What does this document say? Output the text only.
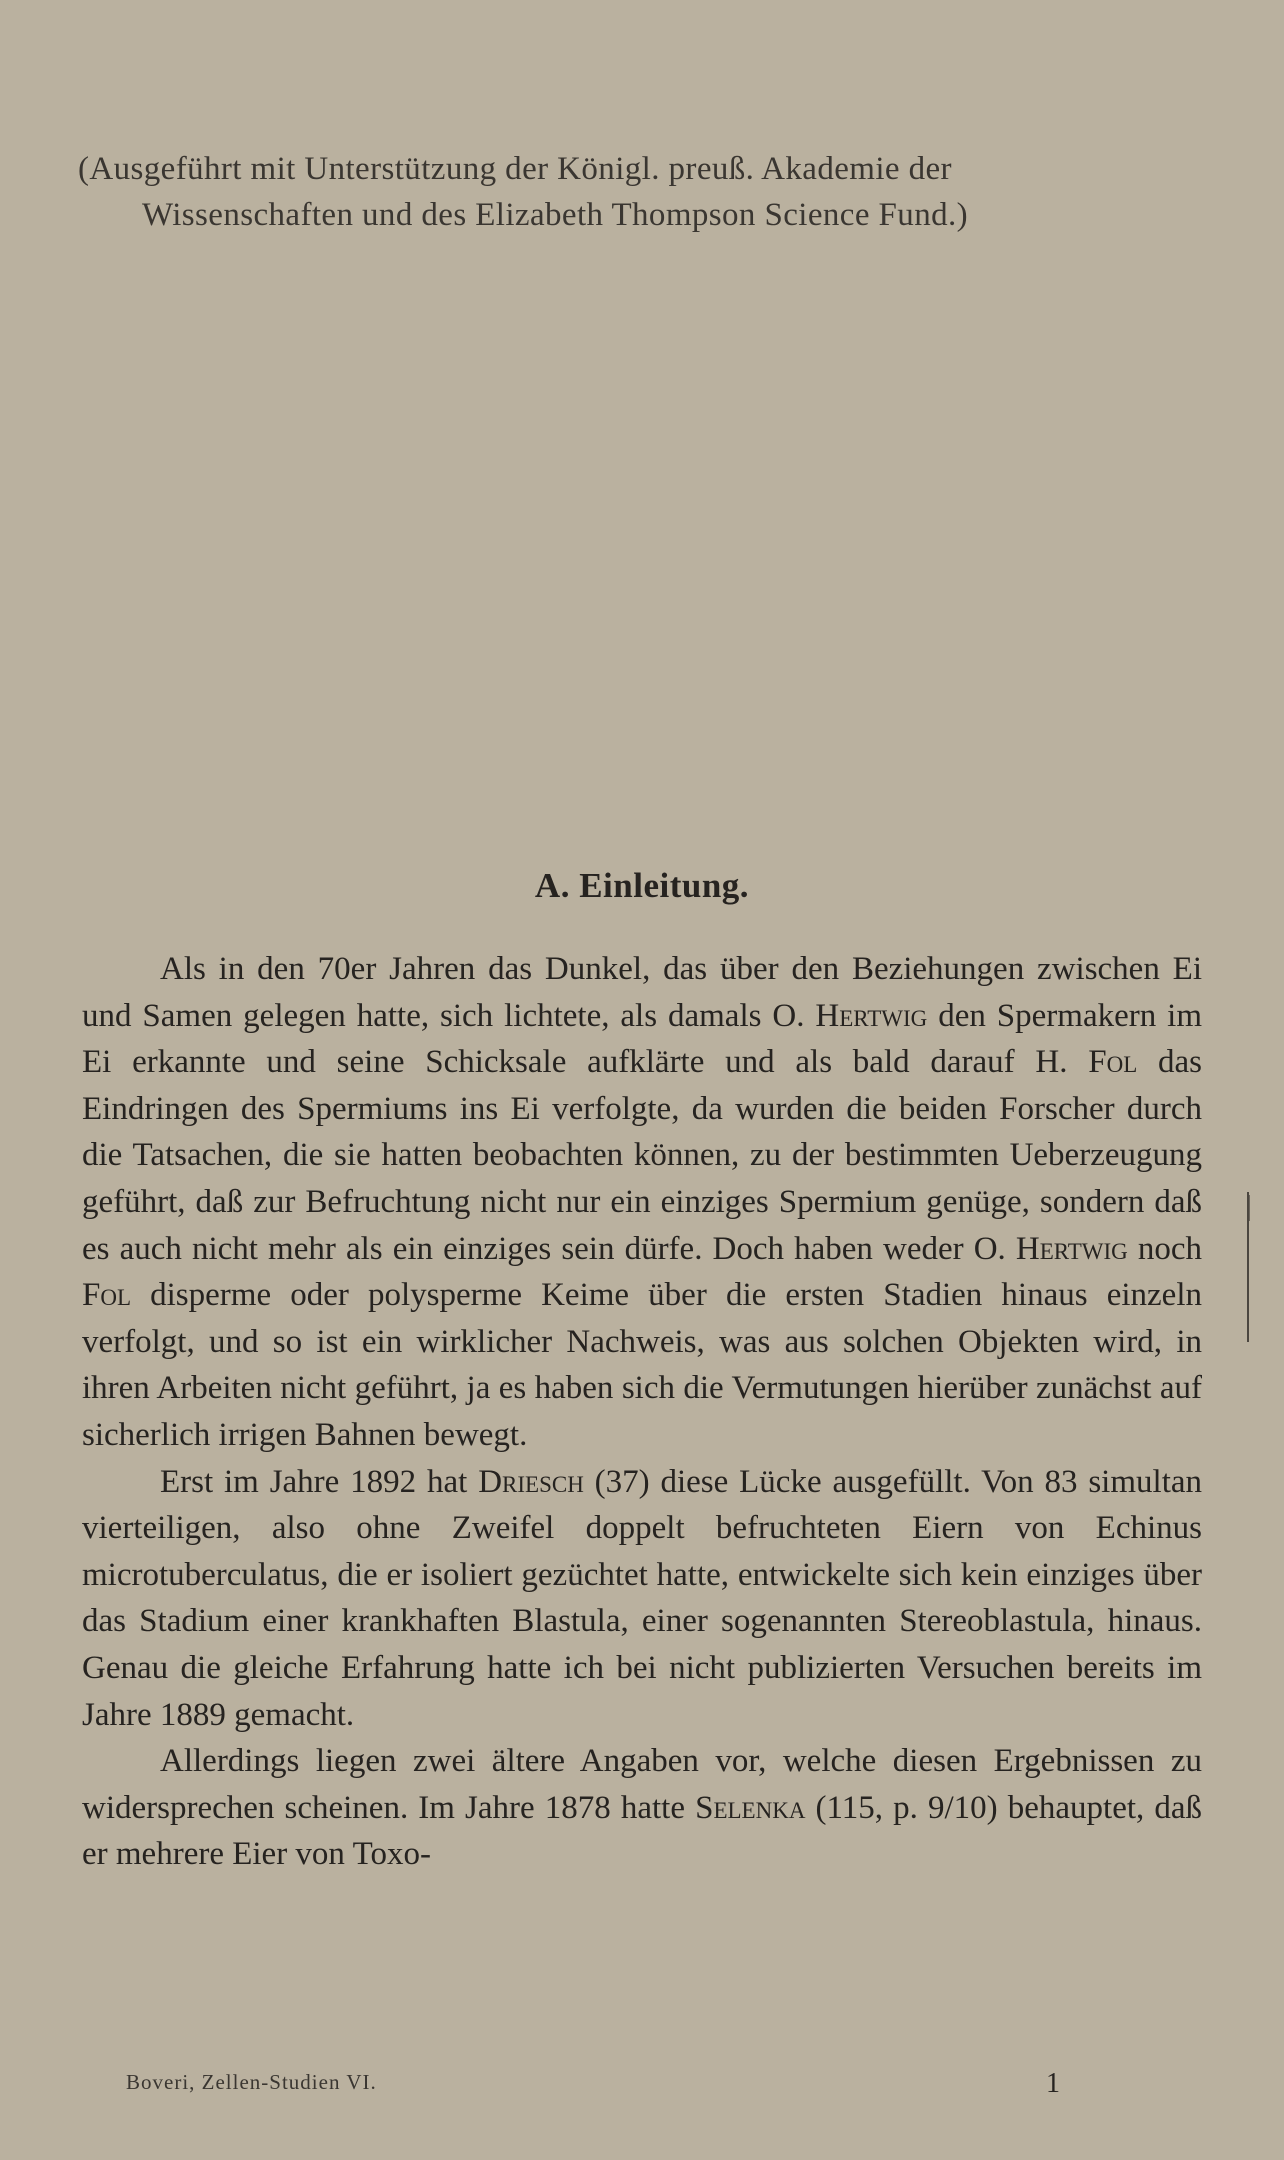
(Ausgeführt mit Unterstützung der Königl. preuß. Akademie der
Wissenschaften und des Elizabeth Thompson Science Fund.)
A. Einleitung.

Als in den 70er Jahren das Dunkel, das über den Beziehungen zwischen Ei und Samen gelegen hatte, sich lichtete, als damals O. Hertwig den Spermakern im Ei erkannte und seine Schicksale aufklärte und als bald darauf H. Fol das Eindringen des Spermiums ins Ei verfolgte, da wurden die beiden Forscher durch die Tatsachen, die sie hatten beobachten können, zu der bestimmten Ueberzeugung geführt, daß zur Befruchtung nicht nur ein einziges Spermium genüge, sondern daß es auch nicht mehr als ein einziges sein dürfe. Doch haben weder O. Hertwig noch Fol disperme oder polysperme Keime über die ersten Stadien hinaus einzeln verfolgt, und so ist ein wirklicher Nachweis, was aus solchen Objekten wird, in ihren Arbeiten nicht geführt, ja es haben sich die Vermutungen hierüber zunächst auf sicherlich irrigen Bahnen bewegt.

Erst im Jahre 1892 hat Driesch (37) diese Lücke ausgefüllt. Von 83 simultan vierteiligen, also ohne Zweifel doppelt befruchteten Eiern von Echinus microtuberculatus, die er isoliert gezüchtet hatte, entwickelte sich kein einziges über das Stadium einer krankhaften Blastula, einer sogenannten Stereoblastula, hinaus. Genau die gleiche Erfahrung hatte ich bei nicht publizierten Versuchen bereits im Jahre 1889 gemacht.

Allerdings liegen zwei ältere Angaben vor, welche diesen Ergebnissen zu widersprechen scheinen. Im Jahre 1878 hatte Selenka (115, p. 9/10) behauptet, daß er mehrere Eier von Toxo-

Boveri, Zellen-Studien VI.	1
